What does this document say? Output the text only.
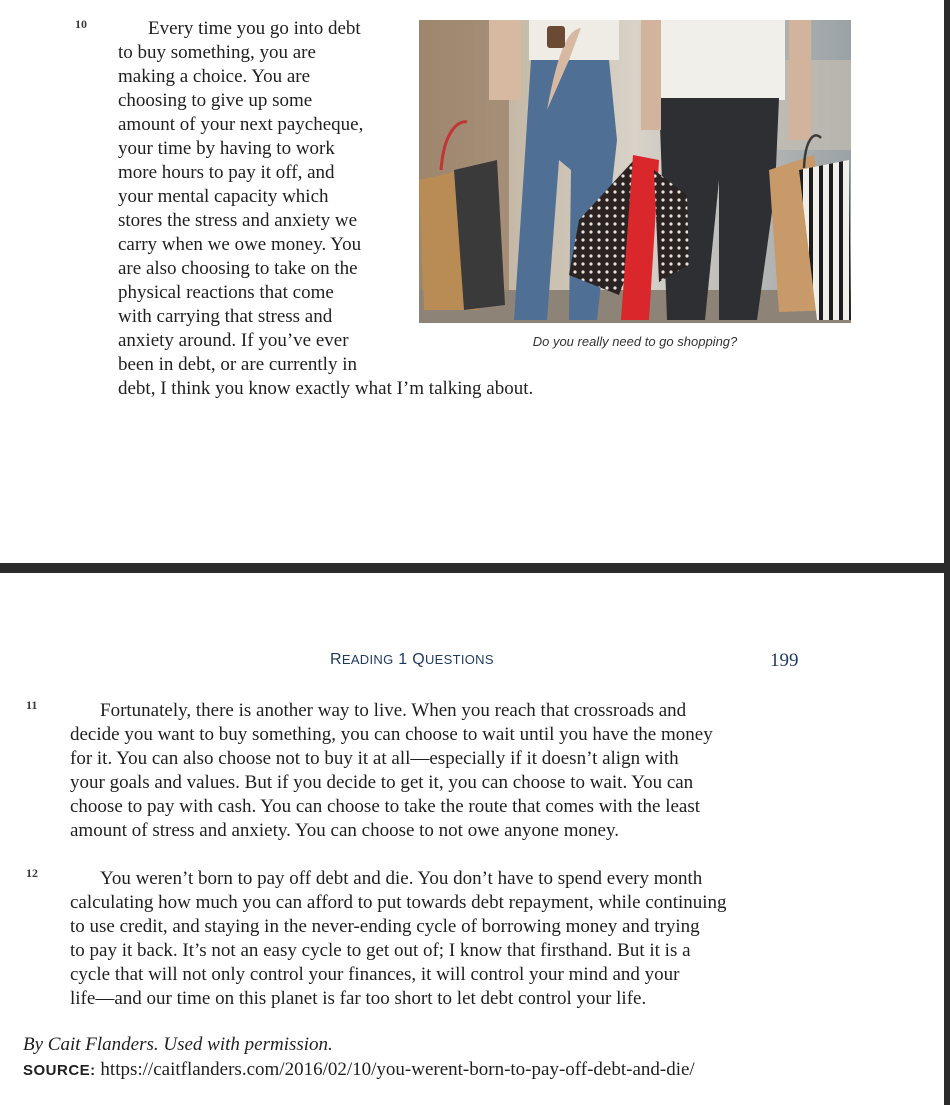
10	Every time you go into debt
to buy something, you are
making a choice. You are
choosing to give up some
amount of your next paycheque,
your time by having to work
more hours to pay it off, and
your mental capacity which
stores the stress and anxiety we
carry when we owe money. You
are also choosing to take on the
physical reactions that come
with carrying that stress and
anxiety around. If you’ve ever
been in debt, or are currently in
debt, I think you know exactly what I’m talking about.
Do you really need to go shopping?
READING 1 QUESTIONS	199
11	Fortunately, there is another way to live. When you reach that crossroads and
decide you want to buy something, you can choose to wait until you have the money
for it. You can also choose not to buy it at all—especially if it doesn’t align with
your goals and values. But if you decide to get it, you can choose to wait. You can
choose to pay with cash. You can choose to take the route that comes with the least
amount of stress and anxiety. You can choose to not owe anyone money.
12	You weren’t born to pay off debt and die. You don’t have to spend every month
calculating how much you can afford to put towards debt repayment, while continuing
to use credit, and staying in the never-ending cycle of borrowing money and trying
to pay it back. It’s not an easy cycle to get out of; I know that firsthand. But it is a
cycle that will not only control your finances, it will control your mind and your
life—and our time on this planet is far too short to let debt control your life.
By Cait Flanders. Used with permission.
SOURCE: https://caitflanders.com/2016/02/10/you-werent-born-to-pay-off-debt-and-die/
